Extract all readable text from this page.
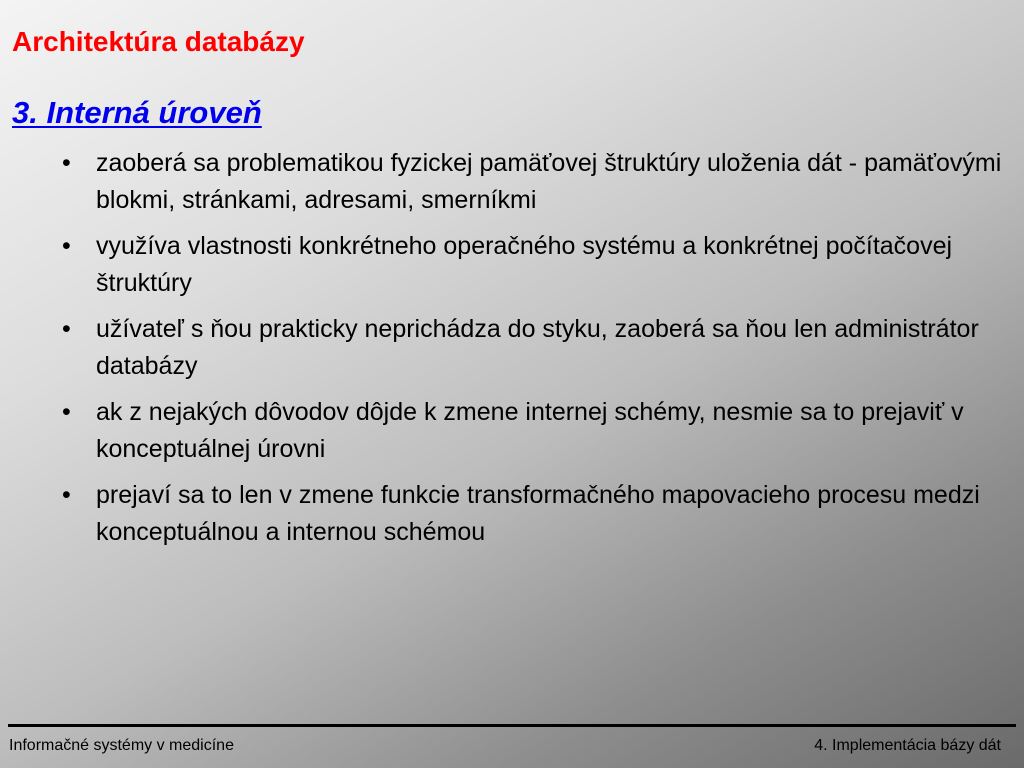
Architektúra databázy
3. Interná úroveň
•	zaoberá sa problematikou fyzickej pamäťovej štruktúry uloženia dát - pamäťovými blokmi, stránkami, adresami, smerníkmi
•	využíva vlastnosti konkrétneho operačného systému a konkrétnej počítačovej štruktúry
•	užívateľ s ňou prakticky neprichádza do styku, zaoberá sa ňou len administrátor databázy
•	ak z nejakých dôvodov dôjde k zmene internej schémy, nesmie sa to prejaviť v konceptuálnej úrovni
•	prejaví sa to len v zmene funkcie transformačného mapovacieho procesu medzi konceptuálnou a internou schémou
Informačné systémy v medicíne	4. Implementácia bázy dát
